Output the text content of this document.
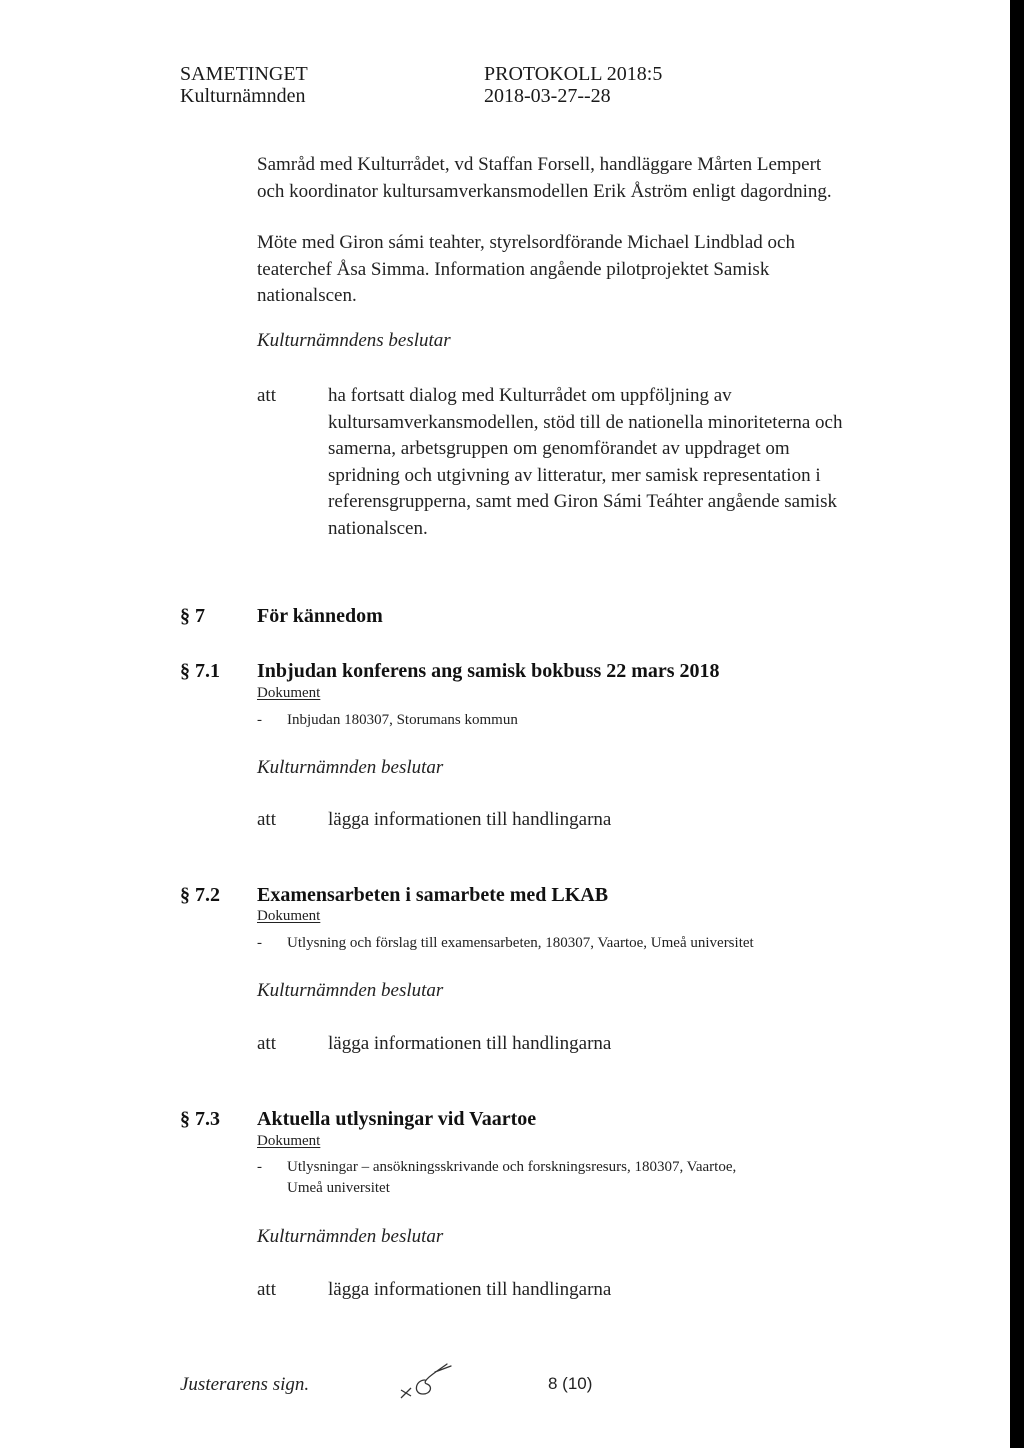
SAMETINGET
Kulturnämnden
PROTOKOLL 2018:5
2018-03-27--28
Samråd med Kulturrådet, vd Staffan Forsell, handläggare Mårten Lempert
och koordinator kultursamverkansmodellen Erik Åström enligt dagordning.
Möte med Giron sámi teahter, styrelsordförande Michael Lindblad och
teaterchef Åsa Simma. Information angående pilotprojektet Samisk
nationalscen.
Kulturnämndens beslutar
att	ha fortsatt dialog med Kulturrådet om uppföljning av
kultursamverkansmodellen, stöd till de nationella minoriteterna och
samerna, arbetsgruppen om genomförandet av uppdraget om
spridning och utgivning av litteratur, mer samisk representation i
referensgrupperna, samt med Giron Sámi Teáhter angående samisk
nationalscen.
§ 7	För kännedom
§ 7.1 Inbjudan konferens ang samisk bokbuss 22 mars 2018
Dokument
- Inbjudan 180307, Storumans kommun
Kulturnämnden beslutar
att	lägga informationen till handlingarna
§ 7.2 Examensarbeten i samarbete med LKAB
Dokument
- Utlysning och förslag till examensarbeten, 180307, Vaartoe, Umeå universitet
Kulturnämnden beslutar
att	lägga informationen till handlingarna
§ 7.3 Aktuella utlysningar vid Vaartoe
Dokument
- Utlysningar – ansökningsskrivande och forskningsresurs, 180307, Vaartoe,
Umeå universitet
Kulturnämnden beslutar
att	lägga informationen till handlingarna
Justerarens sign.	8 (10)
